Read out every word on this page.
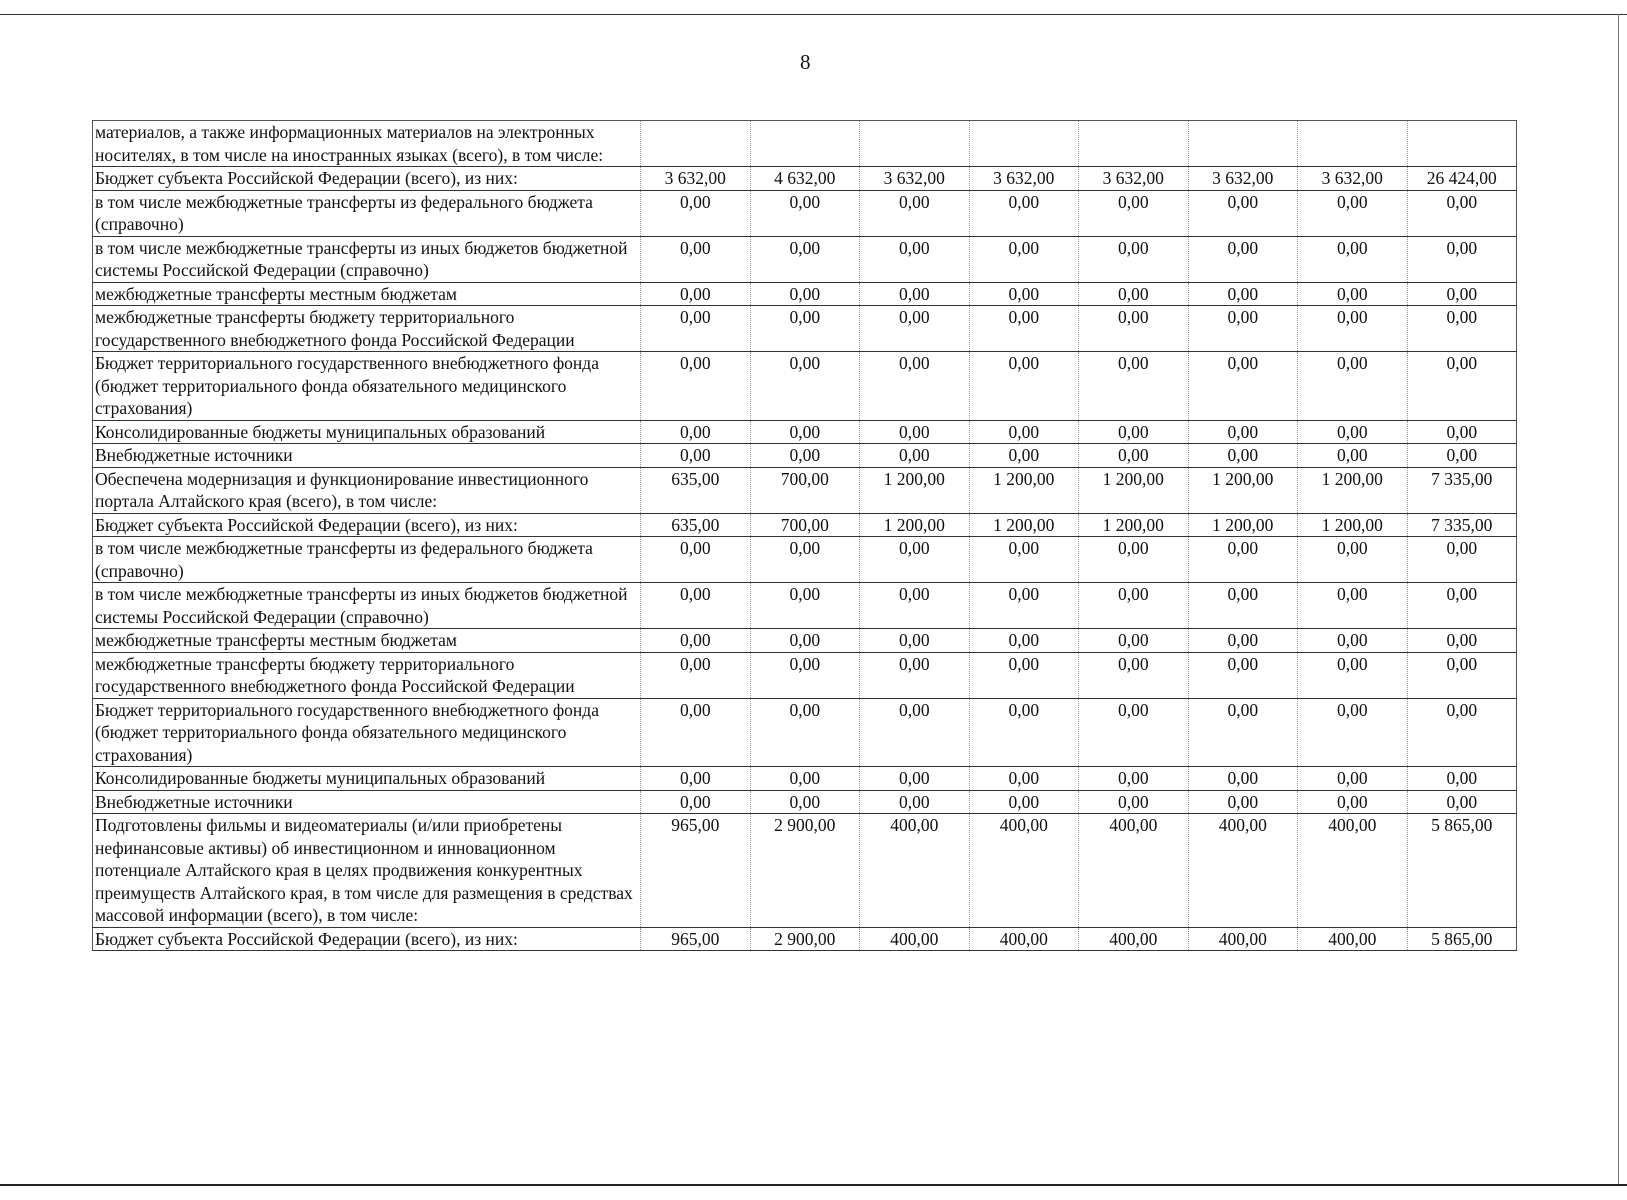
8
материалов, а также информационных материалов на электронных носителях, в том числе на иностранных языках (всего), в том числе:								
Бюджет субъекта Российской Федерации (всего), из них:	3 632,00	4 632,00	3 632,00	3 632,00	3 632,00	3 632,00	3 632,00	26 424,00
в том числе межбюджетные трансферты из федерального бюджета (справочно)	0,00	0,00	0,00	0,00	0,00	0,00	0,00	0,00
в том числе межбюджетные трансферты из иных бюджетов бюджетной системы Российской Федерации (справочно)	0,00	0,00	0,00	0,00	0,00	0,00	0,00	0,00
межбюджетные трансферты местным бюджетам	0,00	0,00	0,00	0,00	0,00	0,00	0,00	0,00
межбюджетные трансферты бюджету территориального государственного внебюджетного фонда Российской Федерации	0,00	0,00	0,00	0,00	0,00	0,00	0,00	0,00
Бюджет территориального государственного внебюджетного фонда (бюджет территориального фонда обязательного медицинского страхования)	0,00	0,00	0,00	0,00	0,00	0,00	0,00	0,00
Консолидированные бюджеты муниципальных образований	0,00	0,00	0,00	0,00	0,00	0,00	0,00	0,00
Внебюджетные источники	0,00	0,00	0,00	0,00	0,00	0,00	0,00	0,00
Обеспечена модернизация и функционирование инвестиционного портала Алтайского края (всего), в том числе:	635,00	700,00	1 200,00	1 200,00	1 200,00	1 200,00	1 200,00	7 335,00
Бюджет субъекта Российской Федерации (всего), из них:	635,00	700,00	1 200,00	1 200,00	1 200,00	1 200,00	1 200,00	7 335,00
в том числе межбюджетные трансферты из федерального бюджета (справочно)	0,00	0,00	0,00	0,00	0,00	0,00	0,00	0,00
в том числе межбюджетные трансферты из иных бюджетов бюджетной системы Российской Федерации (справочно)	0,00	0,00	0,00	0,00	0,00	0,00	0,00	0,00
межбюджетные трансферты местным бюджетам	0,00	0,00	0,00	0,00	0,00	0,00	0,00	0,00
межбюджетные трансферты бюджету территориального государственного внебюджетного фонда Российской Федерации	0,00	0,00	0,00	0,00	0,00	0,00	0,00	0,00
Бюджет территориального государственного внебюджетного фонда (бюджет территориального фонда обязательного медицинского страхования)	0,00	0,00	0,00	0,00	0,00	0,00	0,00	0,00
Консолидированные бюджеты муниципальных образований	0,00	0,00	0,00	0,00	0,00	0,00	0,00	0,00
Внебюджетные источники	0,00	0,00	0,00	0,00	0,00	0,00	0,00	0,00
Подготовлены фильмы и видеоматериалы (и/или приобретены нефинансовые активы) об инвестиционном и инновационном потенциале Алтайского края в целях продвижения конкурентных преимуществ Алтайского края, в том числе для размещения в средствах массовой информации (всего), в том числе:	965,00	2 900,00	400,00	400,00	400,00	400,00	400,00	5 865,00
Бюджет субъекта Российской Федерации (всего), из них:	965,00	2 900,00	400,00	400,00	400,00	400,00	400,00	5 865,00
